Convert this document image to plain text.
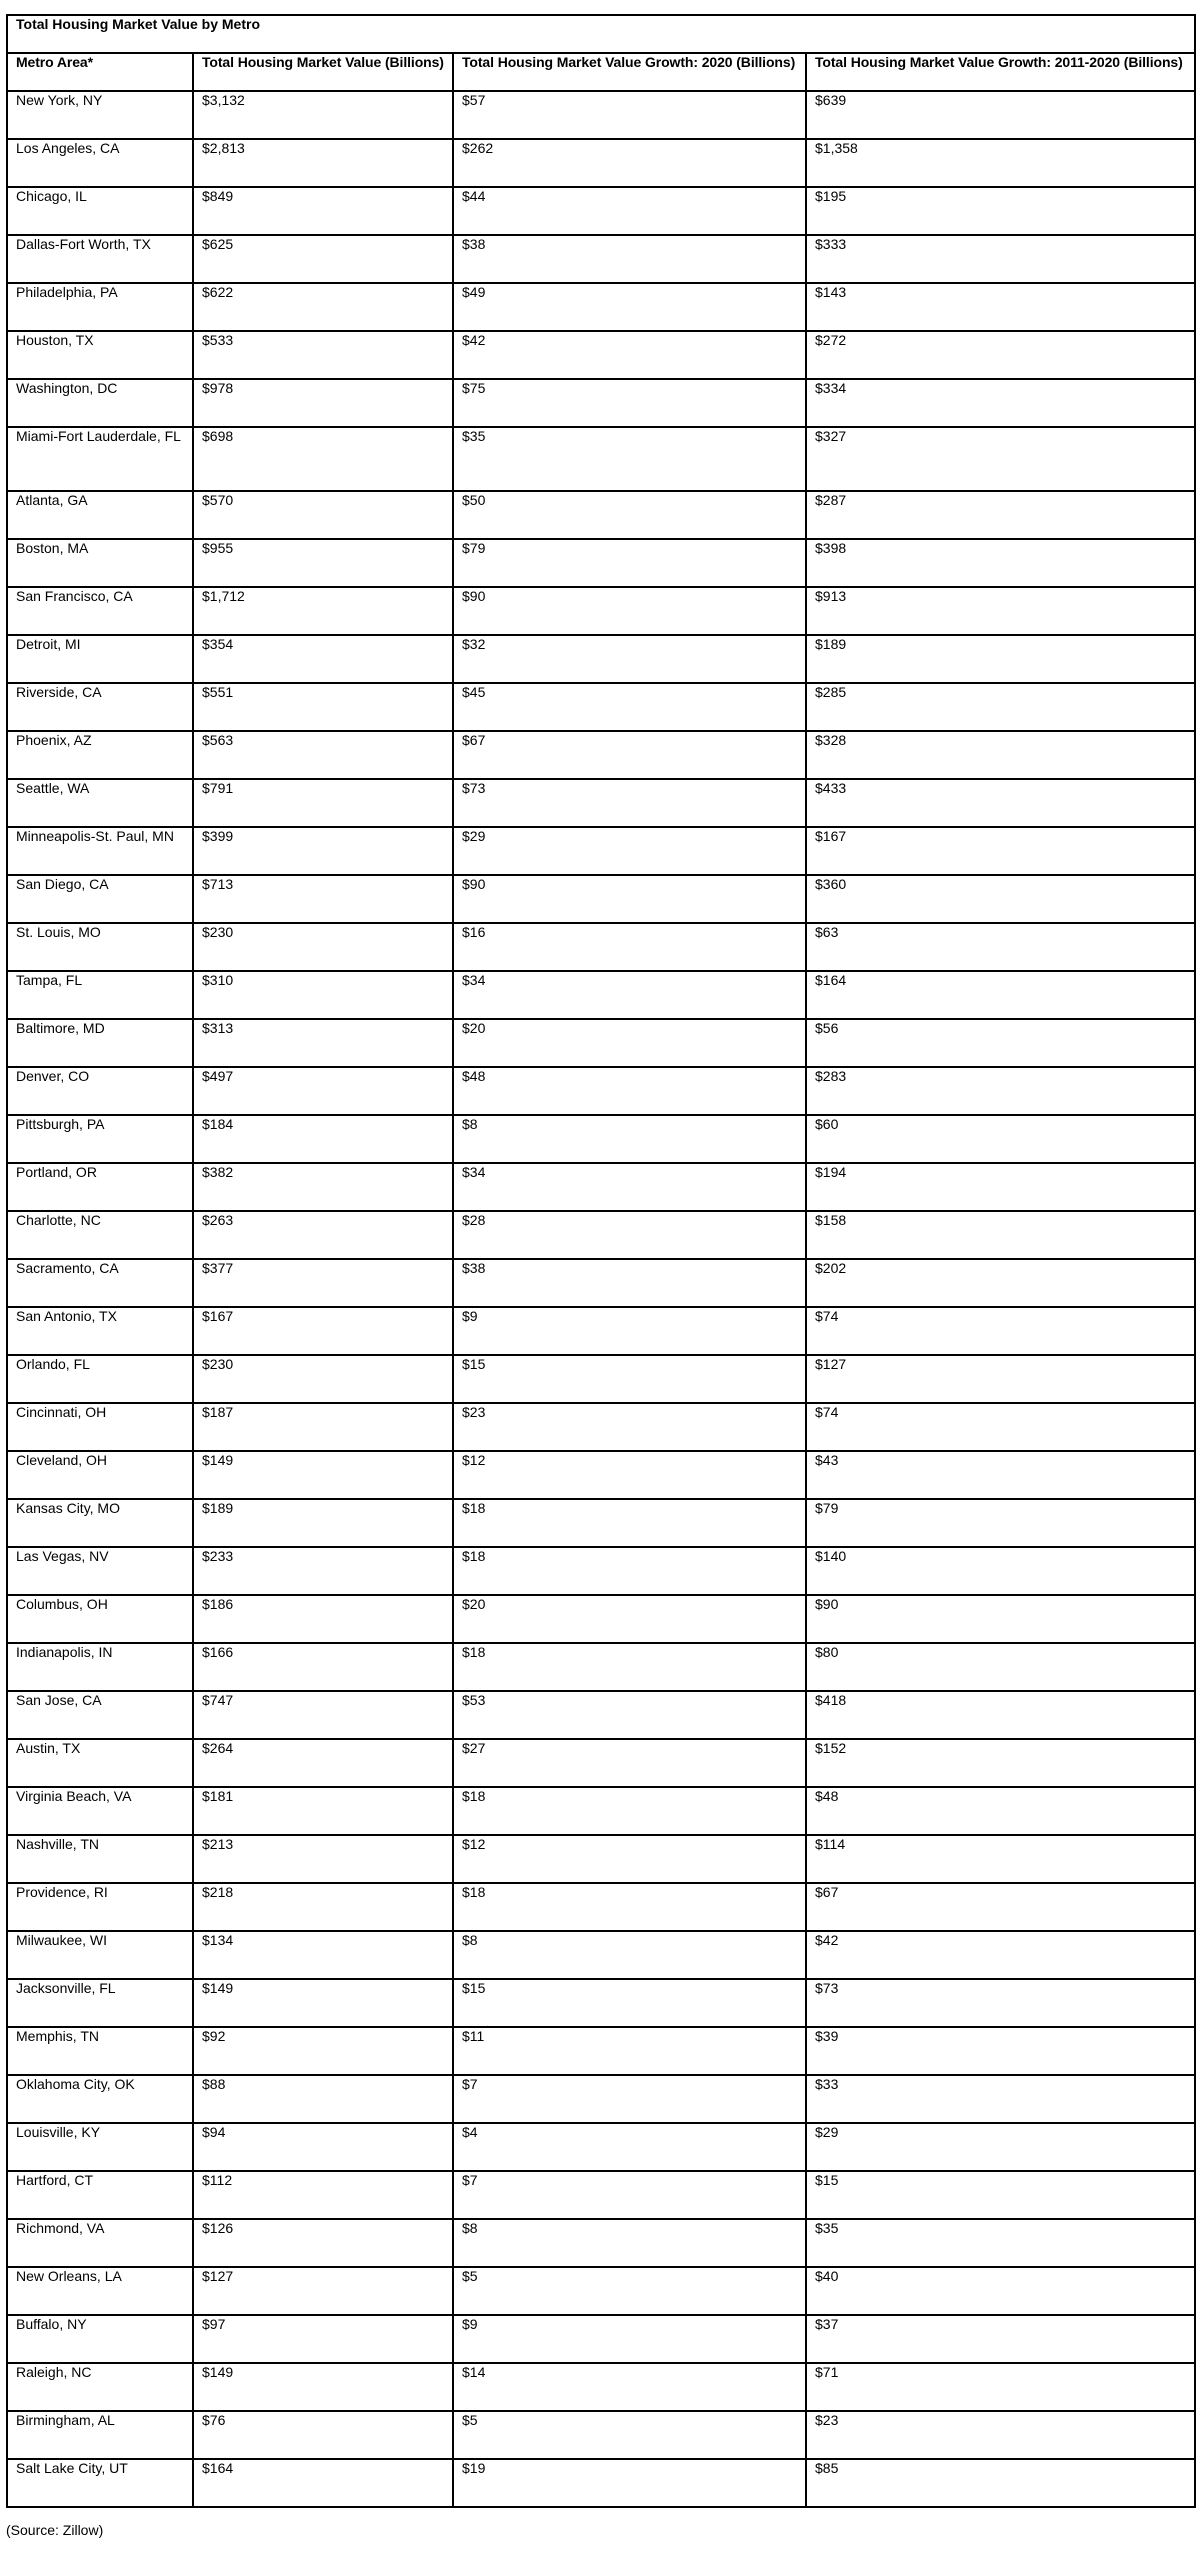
Total Housing Market Value by Metro			
Metro Area*	Total Housing Market Value (Billions)	Total Housing Market Value Growth: 2020 (Billions)	Total Housing Market Value Growth: 2011-2020 (Billions)
New York, NY	$3,132	$57	$639
Los Angeles, CA	$2,813	$262	$1,358
Chicago, IL	$849	$44	$195
Dallas-Fort Worth, TX	$625	$38	$333
Philadelphia, PA	$622	$49	$143
Houston, TX	$533	$42	$272
Washington, DC	$978	$75	$334
Miami-Fort Lauderdale, FL	$698	$35	$327
Atlanta, GA	$570	$50	$287
Boston, MA	$955	$79	$398
San Francisco, CA	$1,712	$90	$913
Detroit, MI	$354	$32	$189
Riverside, CA	$551	$45	$285
Phoenix, AZ	$563	$67	$328
Seattle, WA	$791	$73	$433
Minneapolis-St. Paul, MN	$399	$29	$167
San Diego, CA	$713	$90	$360
St. Louis, MO	$230	$16	$63
Tampa, FL	$310	$34	$164
Baltimore, MD	$313	$20	$56
Denver, CO	$497	$48	$283
Pittsburgh, PA	$184	$8	$60
Portland, OR	$382	$34	$194
Charlotte, NC	$263	$28	$158
Sacramento, CA	$377	$38	$202
San Antonio, TX	$167	$9	$74
Orlando, FL	$230	$15	$127
Cincinnati, OH	$187	$23	$74
Cleveland, OH	$149	$12	$43
Kansas City, MO	$189	$18	$79
Las Vegas, NV	$233	$18	$140
Columbus, OH	$186	$20	$90
Indianapolis, IN	$166	$18	$80
San Jose, CA	$747	$53	$418
Austin, TX	$264	$27	$152
Virginia Beach, VA	$181	$18	$48
Nashville, TN	$213	$12	$114
Providence, RI	$218	$18	$67
Milwaukee, WI	$134	$8	$42
Jacksonville, FL	$149	$15	$73
Memphis, TN	$92	$11	$39
Oklahoma City, OK	$88	$7	$33
Louisville, KY	$94	$4	$29
Hartford, CT	$112	$7	$15
Richmond, VA	$126	$8	$35
New Orleans, LA	$127	$5	$40
Buffalo, NY	$97	$9	$37
Raleigh, NC	$149	$14	$71
Birmingham, AL	$76	$5	$23
Salt Lake City, UT	$164	$19	$85
(Source: Zillow)
